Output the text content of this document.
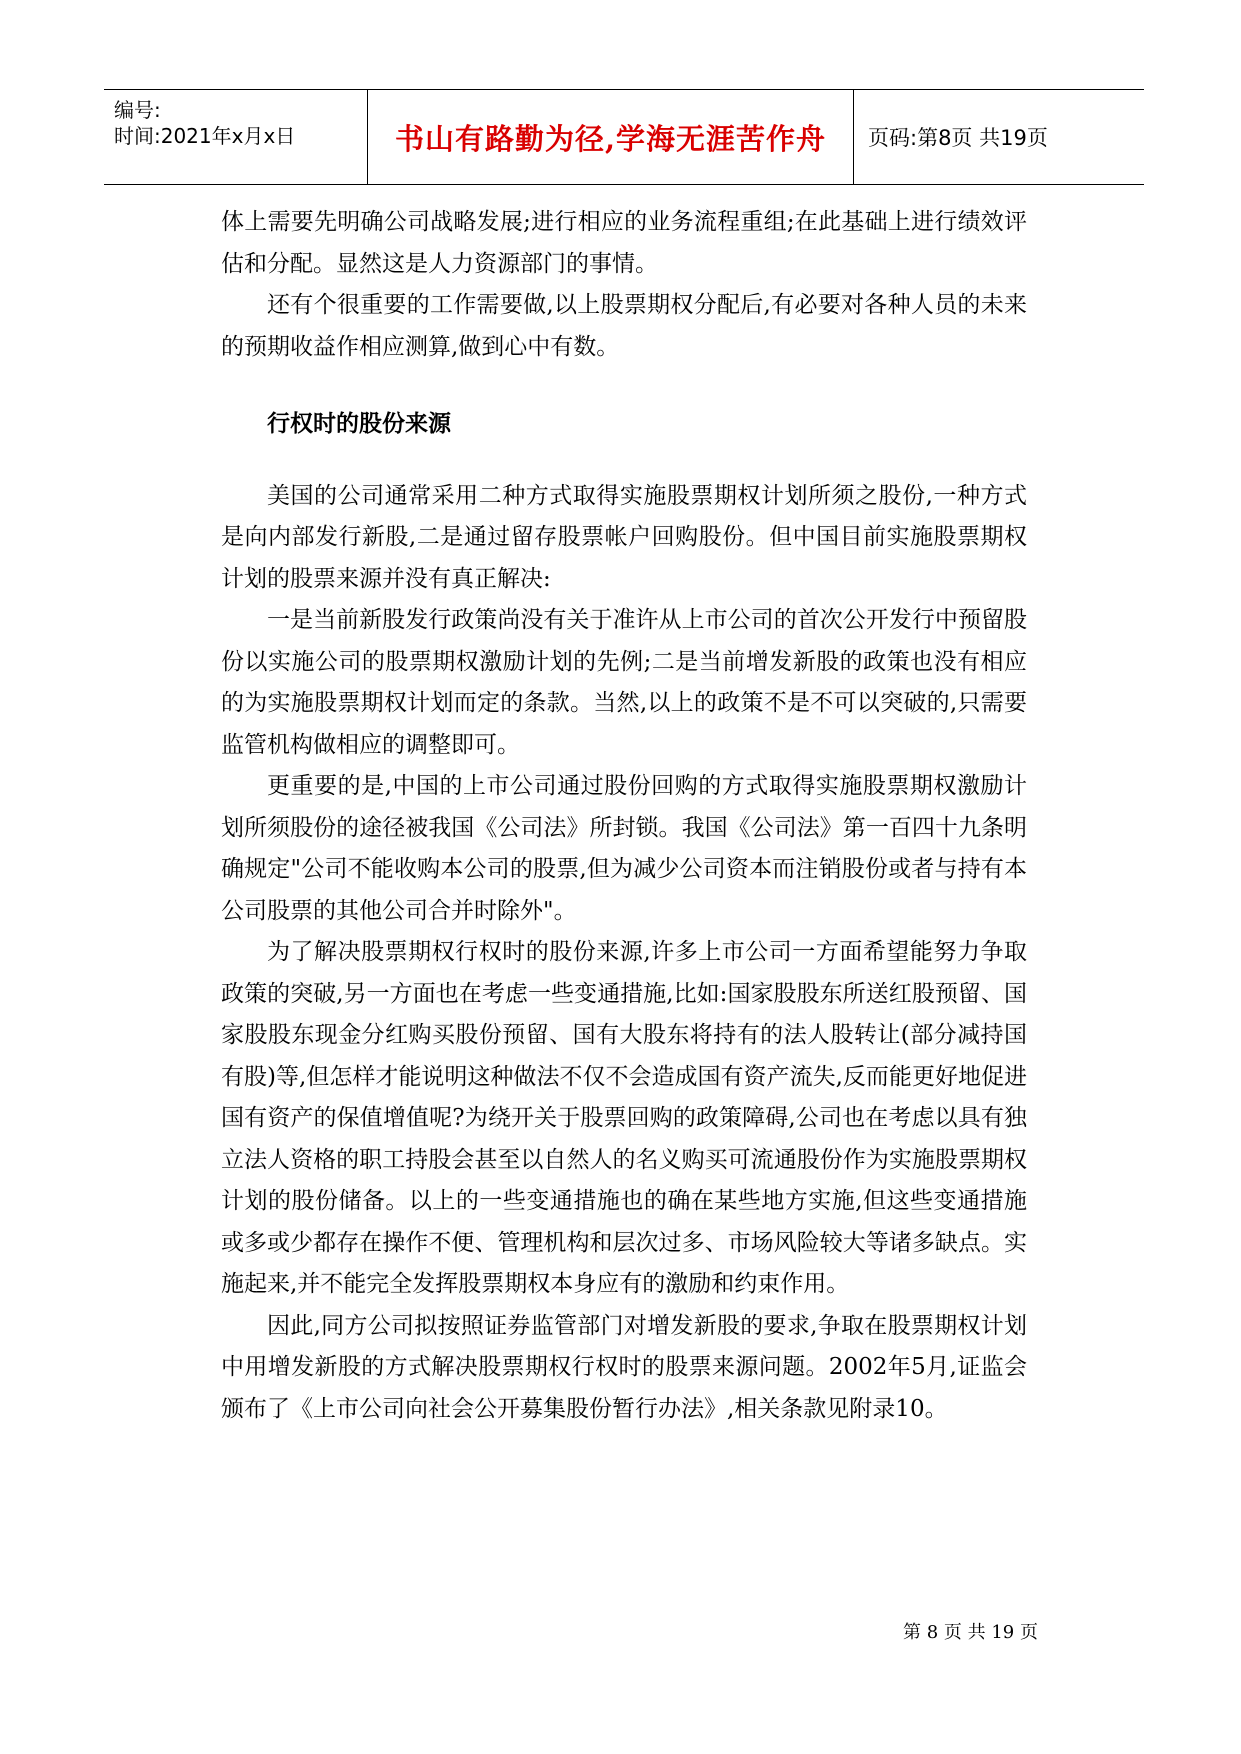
编号:
时间:2021年x月x日	书山有路勤为径,学海无涯苦作舟 页码:第8页 共19页

体上需要先明确公司战略发展;进行相应的业务流程重组;在此基础上进行绩效评估和分配。显然这是人力资源部门的事情。

还有个很重要的工作需要做,以上股票期权分配后,有必要对各种人员的未来的预期收益作相应测算,做到心中有数。

行权时的股份来源

美国的公司通常采用二种方式取得实施股票期权计划所须之股份,一种方式是向内部发行新股,二是通过留存股票帐户回购股份。但中国目前实施股票期权计划的股票来源并没有真正解决:

一是当前新股发行政策尚没有关于准许从上市公司的首次公开发行中预留股份以实施公司的股票期权激励计划的先例;二是当前增发新股的政策也没有相应的为实施股票期权计划而定的条款。当然,以上的政策不是不可以突破的,只需要监管机构做相应的调整即可。

更重要的是,中国的上市公司通过股份回购的方式取得实施股票期权激励计划所须股份的途径被我国《公司法》所封锁。我国《公司法》第一百四十九条明确规定"公司不能收购本公司的股票,但为减少公司资本而注销股份或者与持有本公司股票的其他公司合并时除外"。

为了解决股票期权行权时的股份来源,许多上市公司一方面希望能努力争取政策的突破,另一方面也在考虑一些变通措施,比如:国家股股东所送红股预留、国家股股东现金分红购买股份预留、国有大股东将持有的法人股转让(部分减持国有股)等,但怎样才能说明这种做法不仅不会造成国有资产流失,反而能更好地促进国有资产的保值增值呢?为绕开关于股票回购的政策障碍,公司也在考虑以具有独立法人资格的职工持股会甚至以自然人的名义购买可流通股份作为实施股票期权计划的股份储备。以上的一些变通措施也的确在某些地方实施,但这些变通措施或多或少都存在操作不便、管理机构和层次过多、市场风险较大等诸多缺点。实施起来,并不能完全发挥股票期权本身应有的激励和约束作用。

因此,同方公司拟按照证券监管部门对增发新股的要求,争取在股票期权计划中用增发新股的方式解决股票期权行权时的股票来源问题。2002年5月,证监会颁布了《上市公司向社会公开募集股份暂行办法》,相关条款见附录10。

第 8 页 共 19 页
